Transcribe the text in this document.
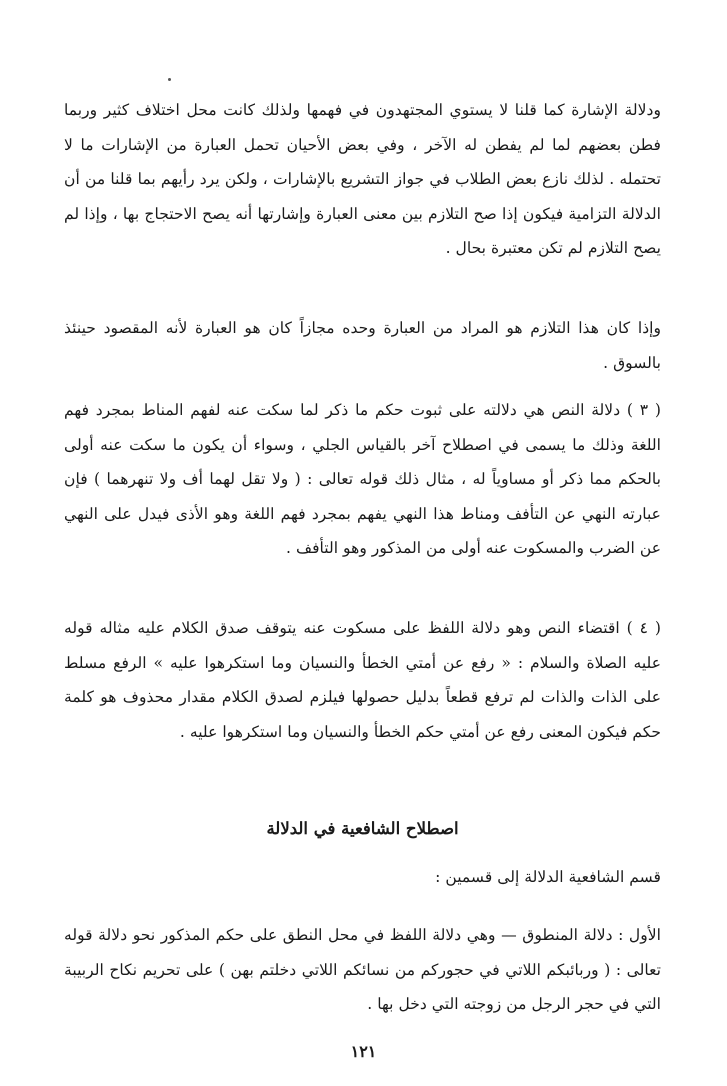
ودلالة الإشارة كما قلنا لا يستوي المجتهدون في فهمها ولذلك كانت محل اختلاف كثير وربما فطن بعضهم لما لم يفطن له الآخر ، وفي بعض الأحيان تحمل العبارة من الإشارات ما لا تحتمله . لذلك نازع بعض الطلاب في جواز التشريع بالإشارات ، ولكن يرد رأيهم بما قلنا من أن الدلالة التزامية فيكون إذا صح التلازم بين معنى العبارة وإشارتها أنه يصح الاحتجاج بها ، وإذا لم يصح التلازم لم تكن معتبرة بحال .

وإذا كان هذا التلازم هو المراد من العبارة وحده مجازاً كان هو العبارة لأنه المقصود حينئذ بالسوق .

( ٣ ) دلالة النص هي دلالته على ثبوت حكم ما ذكر لما سكت عنه لفهم المناط بمجرد فهم اللغة وذلك ما يسمى في اصطلاح آخر بالقياس الجلي ، وسواء أن يكون ما سكت عنه أولى بالحكم مما ذكر أو مساوياً له ، مثال ذلك قوله تعالى : ( ولا تقل لهما أف ولا تنهرهما ) فإن عبارته النهي عن التأفف ومناط هذا النهي يفهم بمجرد فهم اللغة وهو الأذى فيدل على النهي عن الضرب والمسكوت عنه أولى من المذكور وهو التأفف .

( ٤ ) اقتضاء النص وهو دلالة اللفظ على مسكوت عنه يتوقف صدق الكلام عليه مثاله قوله عليه الصلاة والسلام : « رفع عن أمتي الخطأ والنسيان وما استكرهوا عليه » الرفع مسلط على الذات والذات لم ترفع قطعاً بدليل حصولها فيلزم لصدق الكلام مقدار محذوف هو كلمة حكم فيكون المعنى رفع عن أمتي حكم الخطأ والنسيان وما استكرهوا عليه .

اصطلاح الشافعية في الدلالة

قسم الشافعية الدلالة إلى قسمين :

الأول : دلالة المنطوق — وهي دلالة اللفظ في محل النطق على حكم المذكور نحو دلالة قوله تعالى : ( وربائبكم اللاتي في حجوركم من نسائكم اللاتي دخلتم بهن ) على تحريم نكاح الربيبة التي في حجر الرجل من زوجته التي دخل بها .

١٢١
